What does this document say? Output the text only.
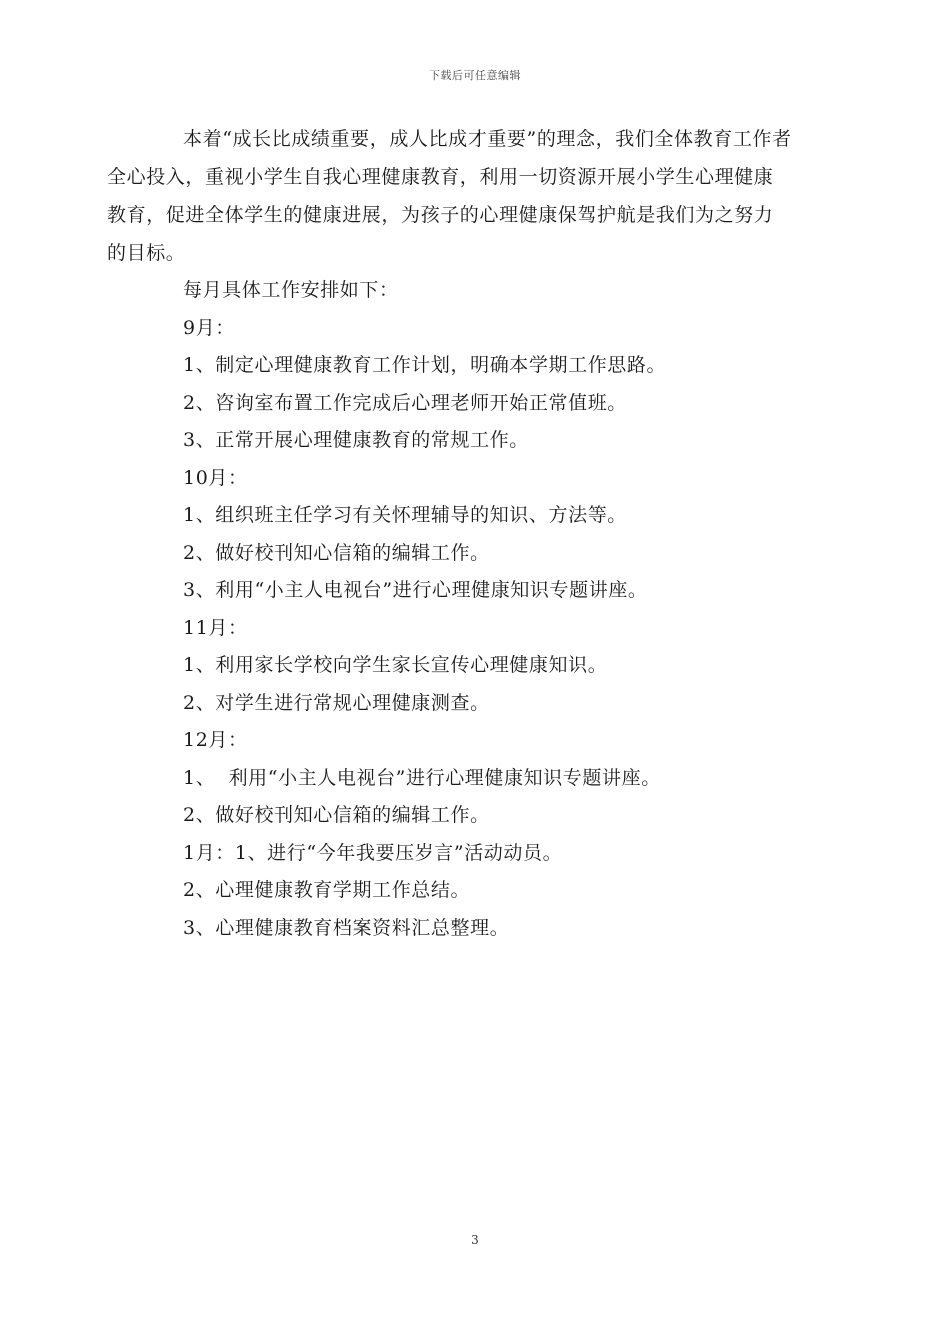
下载后可任意编辑
本着“成长比成绩重要，成人比成才重要”的理念，我们全体教育工作者
全心投入，重视小学生自我心理健康教育，利用一切资源开展小学生心理健康
教育，促进全体学生的健康进展，为孩子的心理健康保驾护航是我们为之努力
的目标。
每月具体工作安排如下：
9月：
1、制定心理健康教育工作计划，明确本学期工作思路。
2、咨询室布置工作完成后心理老师开始正常值班。
3、正常开展心理健康教育的常规工作。
10月：
1、组织班主任学习有关怀理辅导的知识、方法等。
2、做好校刊知心信箱的编辑工作。
3、利用“小主人电视台”进行心理健康知识专题讲座。
11月：
1、利用家长学校向学生家长宣传心理健康知识。
2、对学生进行常规心理健康测查。
12月：
1、  利用“小主人电视台”进行心理健康知识专题讲座。
2、做好校刊知心信箱的编辑工作。
1月：1、进行“今年我要压岁言”活动动员。
2、心理健康教育学期工作总结。
3、心理健康教育档案资料汇总整理。
3
